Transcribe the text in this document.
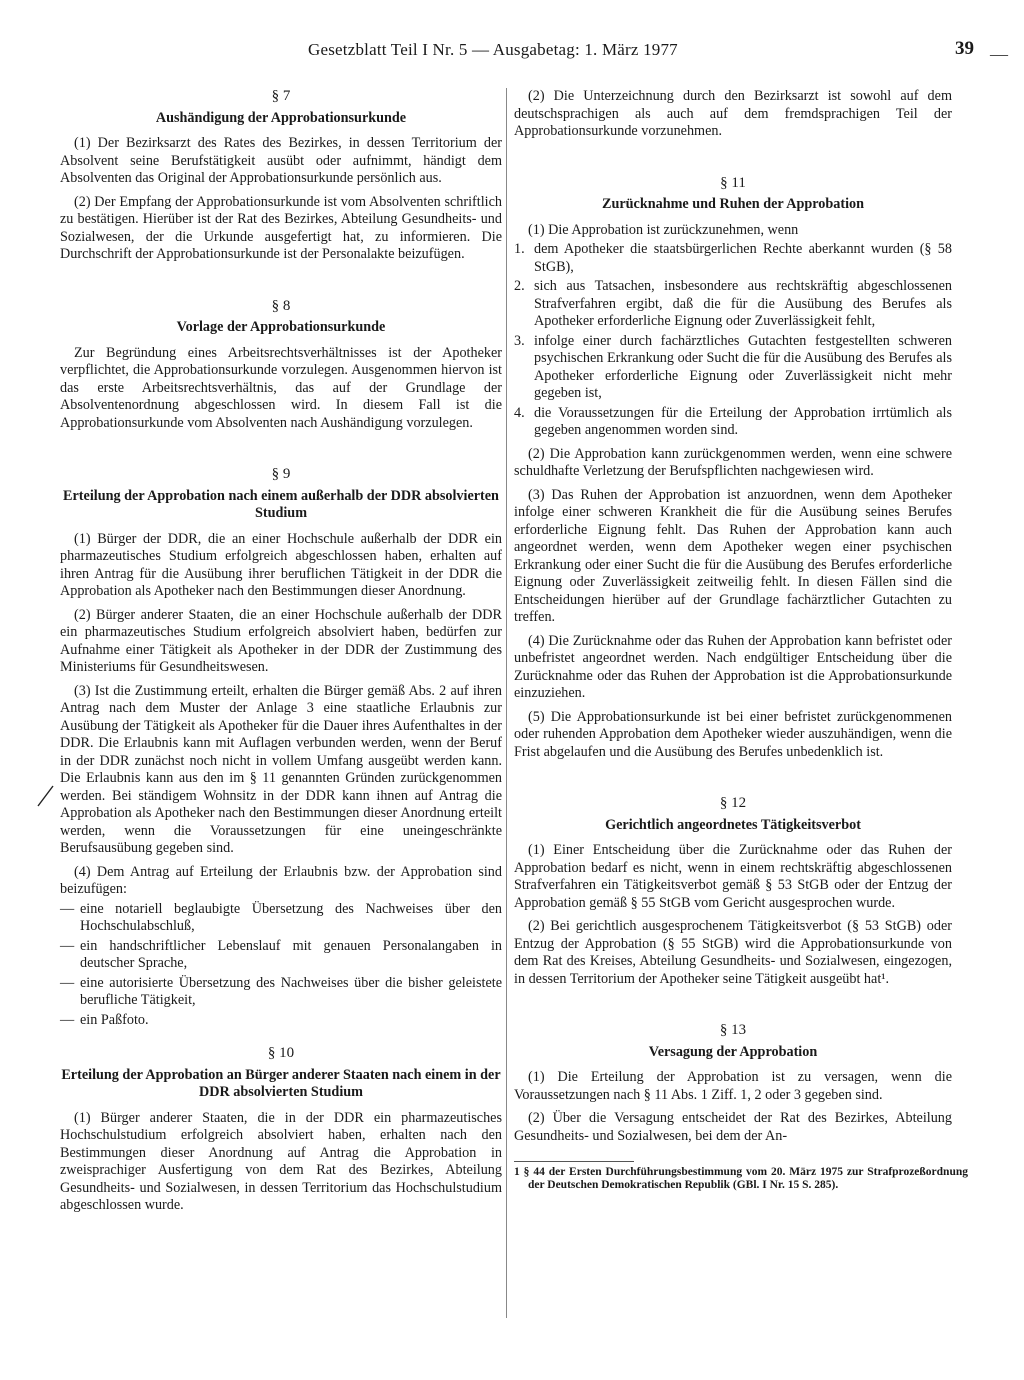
Gesetzblatt Teil I Nr. 5 — Ausgabetag: 1. März 1977	39 —
§ 7
Aushändigung der Approbationsurkunde

(1) Der Bezirksarzt des Rates des Bezirkes, in dessen Territorium der Absolvent seine Berufstätigkeit ausübt oder aufnimmt, händigt dem Absolventen das Original der Approbationsurkunde persönlich aus.

(2) Der Empfang der Approbationsurkunde ist vom Absolventen schriftlich zu bestätigen. Hierüber ist der Rat des Bezirkes, Abteilung Gesundheits- und Sozialwesen, der die Urkunde ausgefertigt hat, zu informieren. Die Durchschrift der Approbationsurkunde ist der Personalakte beizufügen.

§ 8
Vorlage der Approbationsurkunde

Zur Begründung eines Arbeitsrechtsverhältnisses ist der Apotheker verpflichtet, die Approbationsurkunde vorzulegen. Ausgenommen hiervon ist das erste Arbeitsrechtsverhältnis, das auf der Grundlage der Absolventenordnung abgeschlossen wird. In diesem Fall ist die Approbationsurkunde vom Absolventen nach Aushändigung vorzulegen.

§ 9
Erteilung der Approbation nach einem außerhalb der DDR absolvierten Studium

(1) Bürger der DDR, die an einer Hochschule außerhalb der DDR ein pharmazeutisches Studium erfolgreich abgeschlossen haben, erhalten auf ihren Antrag für die Ausübung ihrer beruflichen Tätigkeit in der DDR die Approbation als Apotheker nach den Bestimmungen dieser Anordnung.

(2) Bürger anderer Staaten, die an einer Hochschule außerhalb der DDR ein pharmazeutisches Studium erfolgreich absolviert haben, bedürfen zur Aufnahme einer Tätigkeit als Apotheker in der DDR der Zustimmung des Ministeriums für Gesundheitswesen.

(3) Ist die Zustimmung erteilt, erhalten die Bürger gemäß Abs. 2 auf ihren Antrag nach dem Muster der Anlage 3 eine staatliche Erlaubnis zur Ausübung der Tätigkeit als Apotheker für die Dauer ihres Aufenthaltes in der DDR. Die Erlaubnis kann mit Auflagen verbunden werden, wenn der Beruf in der DDR zunächst noch nicht in vollem Umfang ausgeübt werden kann. Die Erlaubnis kann aus den im § 11 genannten Gründen zurückgenommen werden. Bei ständigem Wohnsitz in der DDR kann ihnen auf Antrag die Approbation als Apotheker nach den Bestimmungen dieser Anordnung erteilt werden, wenn die Voraussetzungen für eine uneingeschränkte Berufsausübung gegeben sind.

(4) Dem Antrag auf Erteilung der Erlaubnis bzw. der Approbation sind beizufügen:

— eine notariell beglaubigte Übersetzung des Nachweises über den Hochschulabschluß,
— ein handschriftlicher Lebenslauf mit genauen Personalangaben in deutscher Sprache,
— eine autorisierte Übersetzung des Nachweises über die bisher geleistete berufliche Tätigkeit,
— ein Paßfoto.
§ 10
Erteilung der Approbation an Bürger anderer Staaten nach einem in der DDR absolvierten Studium

(1) Bürger anderer Staaten, die in der DDR ein pharmazeutisches Hochschulstudium erfolgreich absolviert haben, erhalten nach den Bestimmungen dieser Anordnung auf Antrag die Approbation in zweisprachiger Ausfertigung von dem Rat des Bezirkes, Abteilung Gesundheits- und Sozialwesen, in dessen Territorium das Hochschulstudium abgeschlossen wurde.

(2) Die Unterzeichnung durch den Bezirksarzt ist sowohl auf dem deutschsprachigen als auch auf dem fremdsprachigen Teil der Approbationsurkunde vorzunehmen.

§ 11
Zurücknahme und Ruhen der Approbation

(1) Die Approbation ist zurückzunehmen, wenn

1. dem Apotheker die staatsbürgerlichen Rechte aberkannt wurden (§ 58 StGB),
2. sich aus Tatsachen, insbesondere aus rechtskräftig abgeschlossenen Strafverfahren ergibt, daß die für die Ausübung des Berufes als Apotheker erforderliche Eignung oder Zuverlässigkeit fehlt,
3. infolge einer durch fachärztliches Gutachten festgestellten schweren psychischen Erkrankung oder Sucht die für die Ausübung des Berufes als Apotheker erforderliche Eignung oder Zuverlässigkeit nicht mehr gegeben ist,
4. die Voraussetzungen für die Erteilung der Approbation irrtümlich als gegeben angenommen worden sind.

(2) Die Approbation kann zurückgenommen werden, wenn eine schwere schuldhafte Verletzung der Berufspflichten nachgewiesen wird.

(3) Das Ruhen der Approbation ist anzuordnen, wenn dem Apotheker infolge einer schweren Krankheit die für die Ausübung seines Berufes erforderliche Eignung fehlt. Das Ruhen der Approbation kann auch angeordnet werden, wenn dem Apotheker wegen einer psychischen Erkrankung oder einer Sucht die für die Ausübung des Berufes erforderliche Eignung oder Zuverlässigkeit zeitweilig fehlt. In diesen Fällen sind die Entscheidungen hierüber auf der Grundlage fachärztlicher Gutachten zu treffen.

(4) Die Zurücknahme oder das Ruhen der Approbation kann befristet oder unbefristet angeordnet werden. Nach endgültiger Entscheidung über die Zurücknahme oder das Ruhen der Approbation ist die Approbationsurkunde einzuziehen.

(5) Die Approbationsurkunde ist bei einer befristet zurückgenommenen oder ruhenden Approbation dem Apotheker wieder auszuhändigen, wenn die Frist abgelaufen und die Ausübung des Berufes unbedenklich ist.

§ 12
Gerichtlich angeordnetes Tätigkeitsverbot

(1) Einer Entscheidung über die Zurücknahme oder das Ruhen der Approbation bedarf es nicht, wenn in einem rechtskräftig abgeschlossenen Strafverfahren ein Tätigkeitsverbot gemäß § 53 StGB oder der Entzug der Approbation gemäß § 55 StGB vom Gericht ausgesprochen wurde.

(2) Bei gerichtlich ausgesprochenem Tätigkeitsverbot (§ 53 StGB) oder Entzug der Approbation (§ 55 StGB) wird die Approbationsurkunde von dem Rat des Kreises, Abteilung Gesundheits- und Sozialwesen, eingezogen, in dessen Territorium der Apotheker seine Tätigkeit ausgeübt hat¹.

§ 13
Versagung der Approbation

(1) Die Erteilung der Approbation ist zu versagen, wenn die Voraussetzungen nach § 11 Abs. 1 Ziff. 1, 2 oder 3 gegeben sind.

(2) Über die Versagung entscheidet der Rat des Bezirkes, Abteilung Gesundheits- und Sozialwesen, bei dem der An-

1 § 44 der Ersten Durchführungsbestimmung vom 20. März 1975 zur Strafprozeßordnung der Deutschen Demokratischen Republik (GBl. I Nr. 15 S. 285).
